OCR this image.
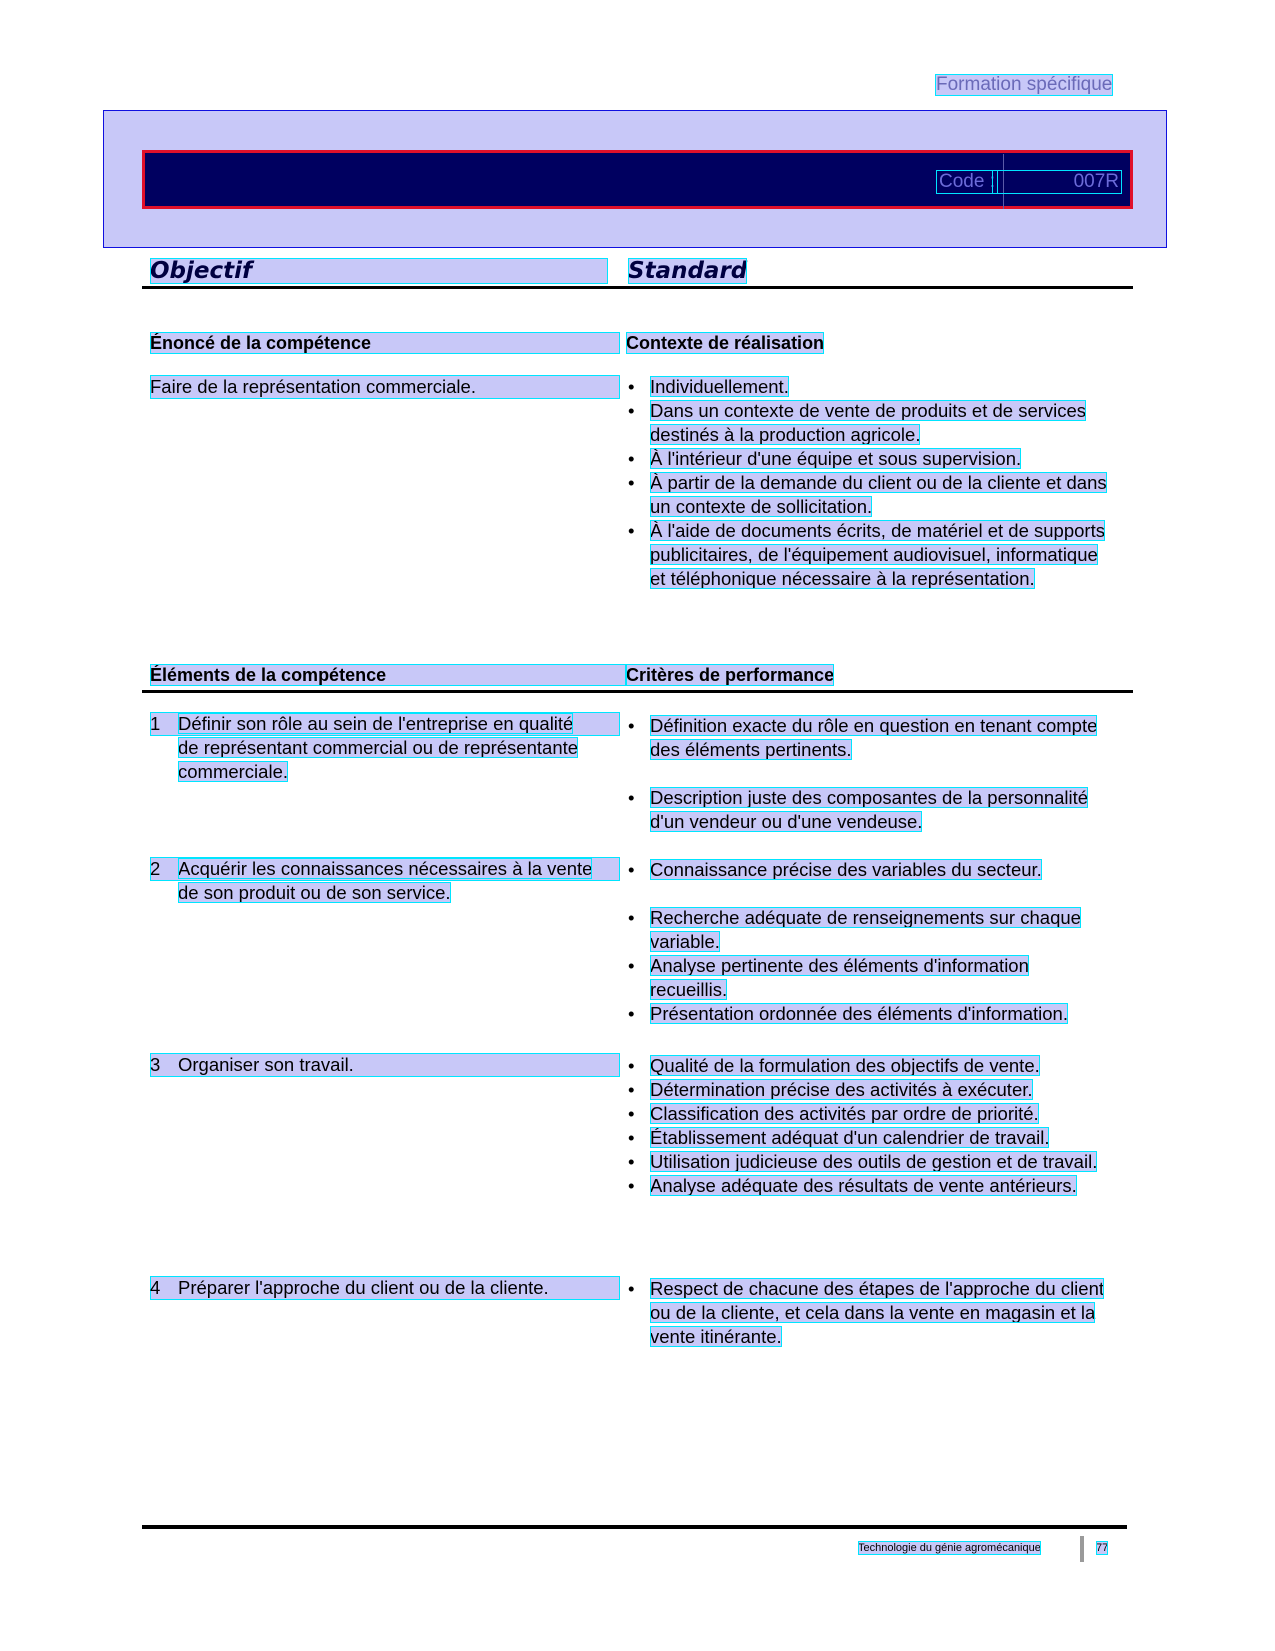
Formation spécifique
Code :	007R
Objectif	Standard
Énoncé de la compétence	Contexte de réalisation
Faire de la représentation commerciale.	• Individuellement.
• Dans un contexte de vente de produits et de services destinés à la production agricole.
• À l'intérieur d'une équipe et sous supervision.
• À partir de la demande du client ou de la cliente et dans un contexte de sollicitation.
• À l'aide de documents écrits, de matériel et de supports publicitaires, de l'équipement audiovisuel, informatique et téléphonique nécessaire à la représentation.
Éléments de la compétence	Critères de performance
1 Définir son rôle au sein de l'entreprise en qualité de représentant commercial ou de représentante commerciale.
• Définition exacte du rôle en question en tenant compte des éléments pertinents.
• Description juste des composantes de la personnalité d'un vendeur ou d'une vendeuse.
2 Acquérir les connaissances nécessaires à la vente de son produit ou de son service.
• Connaissance précise des variables du secteur.
• Recherche adéquate de renseignements sur chaque variable.
• Analyse pertinente des éléments d'information recueillis.
• Présentation ordonnée des éléments d'information.
3 Organiser son travail.	• Qualité de la formulation des objectifs de vente.
• Détermination précise des activités à exécuter.
• Classification des activités par ordre de priorité.
• Établissement adéquat d'un calendrier de travail.
• Utilisation judicieuse des outils de gestion et de travail.
• Analyse adéquate des résultats de vente antérieurs.
4 Préparer l'approche du client ou de la cliente.	• Respect de chacune des étapes de l'approche du client ou de la cliente, et cela dans la vente en magasin et la vente itinérante.
Technologie du génie agromécanique	77
